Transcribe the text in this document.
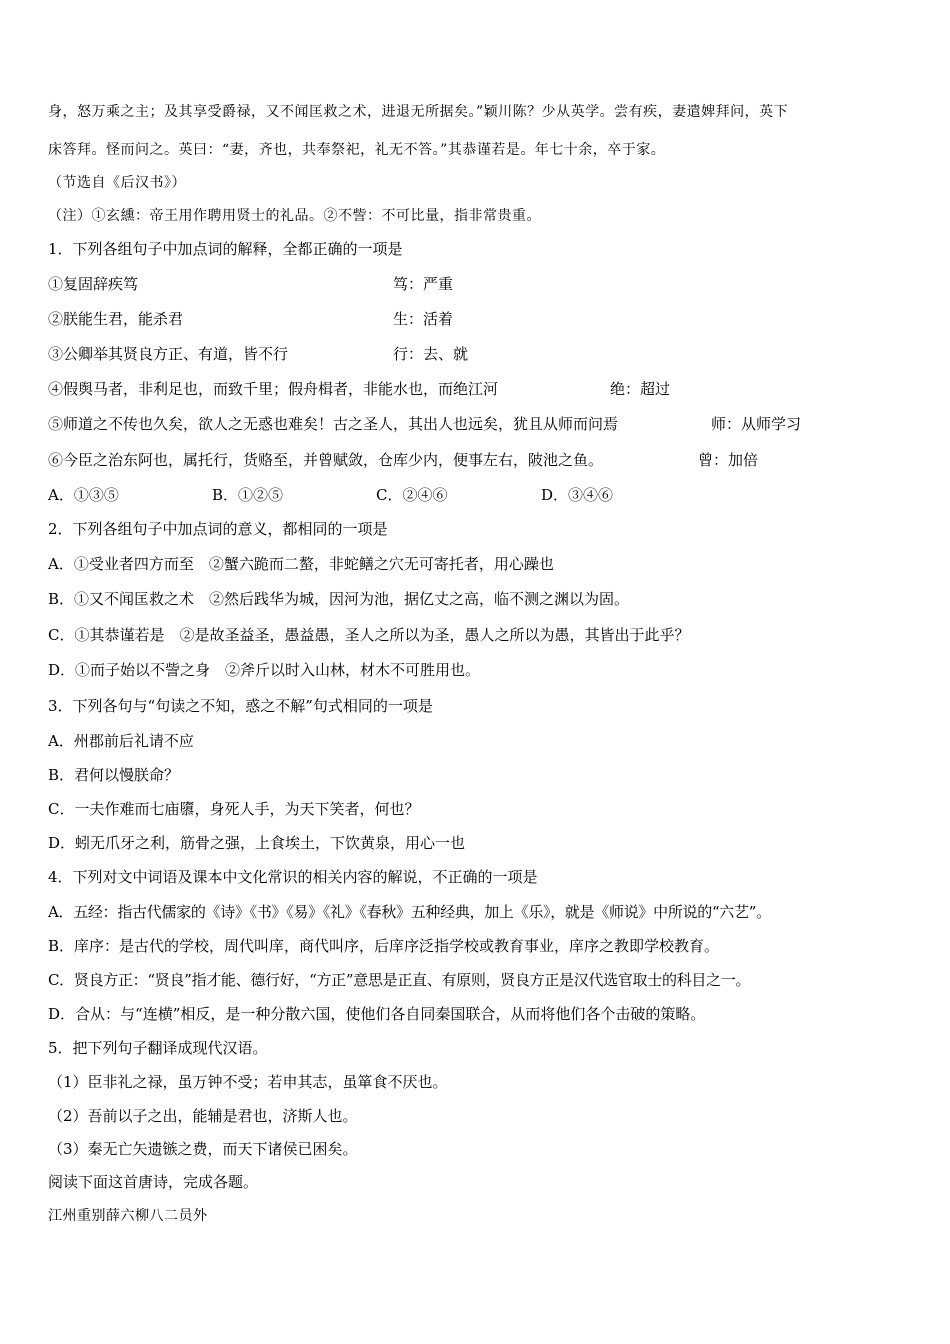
身，怒万乘之主；及其享受爵禄，又不闻匡救之术，进退无所据矣。”颖川陈？少从英学。尝有疾，妻遣婢拜问，英下
床答拜。怪而问之。英曰：“妻，齐也，共奉祭祀，礼无不答。”其恭谨若是。年七十余，卒于家。
（节选自《后汉书》）
（注）①玄纁：帝王用作聘用贤士的礼品。②不訾：不可比量，指非常贵重。
1．下列各组句子中加点词的解释，全都正确的一项是
①复固辞疾笃	笃：严重
②朕能生君，能杀君	生：活着
③公卿举其贤良方正、有道，皆不行	行：去、就
④假舆马者，非利足也，而致千里；假舟楫者，非能水也，而绝江河	绝：超过
⑤师道之不传也久矣，欲人之无惑也难矣！古之圣人，其出人也远矣，犹且从师而问焉	师：从师学习
⑥今臣之治东阿也，属托行，货赂至，并曾赋敛，仓库少内，便事左右，陂池之鱼。	曾：加倍
A．①③⑤	B．①②⑤	C．②④⑥	D．③④⑥
2．下列各组句子中加点词的意义，都相同的一项是
A．①受业者四方而至　②蟹六跪而二螯，非蛇鳝之穴无可寄托者，用心躁也
B．①又不闻匡救之术　②然后践华为城，因河为池，据亿丈之高，临不测之渊以为固。
C．①其恭谨若是　②是故圣益圣，愚益愚，圣人之所以为圣，愚人之所以为愚，其皆出于此乎？
D．①而子始以不訾之身　②斧斤以时入山林，材木不可胜用也。
3．下列各句与“句读之不知，惑之不解”句式相同的一项是
A．州郡前后礼请不应
B．君何以慢朕命？
C．一夫作难而七庙隳，身死人手，为天下笑者，何也？
D．蚓无爪牙之利，筋骨之强，上食埃土，下饮黄泉，用心一也
4．下列对文中词语及课本中文化常识的相关内容的解说，不正确的一项是
A．五经：指古代儒家的《诗》《书》《易》《礼》《春秋》五种经典，加上《乐》，就是《师说》中所说的“六艺”。
B．庠序：是古代的学校，周代叫庠，商代叫序，后庠序泛指学校或教育事业，庠序之教即学校教育。
C．贤良方正：“贤良”指才能、德行好，“方正”意思是正直、有原则，贤良方正是汉代选官取士的科目之一。
D．合从：与“连横”相反，是一种分散六国，使他们各自同秦国联合，从而将他们各个击破的策略。
5．把下列句子翻译成现代汉语。
（1）臣非礼之禄，虽万钟不受；若申其志，虽箪食不厌也。
（2）吾前以子之出，能辅是君也，济斯人也。
（3）秦无亡矢遗镞之费，而天下诸侯已困矣。
阅读下面这首唐诗，完成各题。
江州重别薛六柳八二员外
